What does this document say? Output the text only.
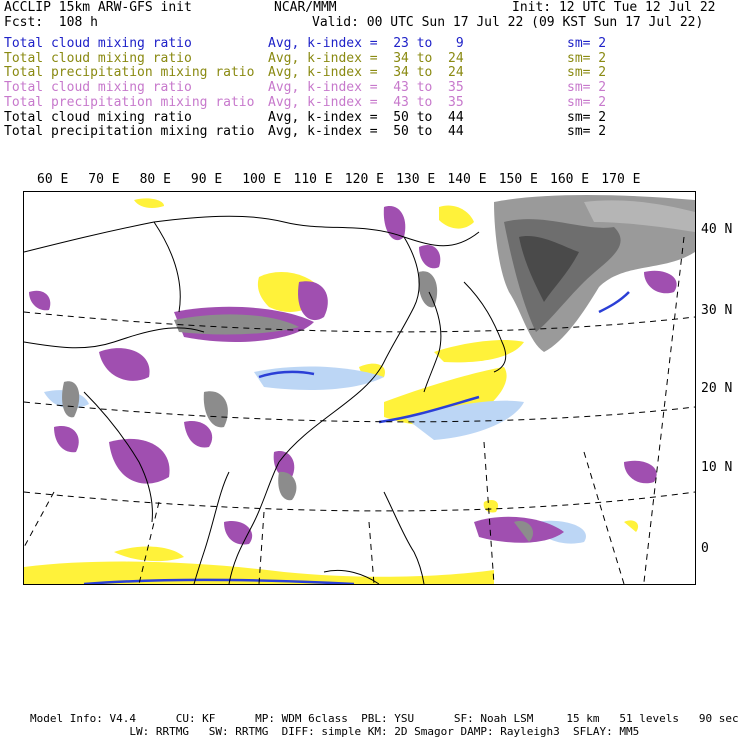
ACCLIP 15km ARW-GFS init	NCAR/MMM	Init: 12 UTC Tue 12 Jul 22
Fcst:  108 h	Valid: 00 UTC Sun 17 Jul 22 (09 KST Sun 17 Jul 22)
Total cloud mixing ratio	Avg, k-index =  23 to   9	sm= 2
Total cloud mixing ratio	Avg, k-index =  34 to  24	sm= 2
Total precipitation mixing ratio Avg, k-index =  34 to  24	sm= 2
Total cloud mixing ratio	Avg, k-index =  43 to  35	sm= 2
Total precipitation mixing ratio Avg, k-index =  43 to  35	sm= 2
Total cloud mixing ratio	Avg, k-index =  50 to  44	sm= 2
Total precipitation mixing ratio Avg, k-index =  50 to  44	sm= 2
60 E 70 E 80 E 90 E 100 E 110 E 120 E 130 E 140 E 150 E 160 E 170 E
40 N
30 N
20 N
10 N
0
Model Info: V4.4      CU: KF      MP: WDM 6class  PBL: YSU      SF: Noah LSM     15 km   51 levels   90 sec
LW: RRTMG   SW: RRTMG  DIFF: simple KM: 2D Smagor DAMP: Rayleigh3  SFLAY: MM5
